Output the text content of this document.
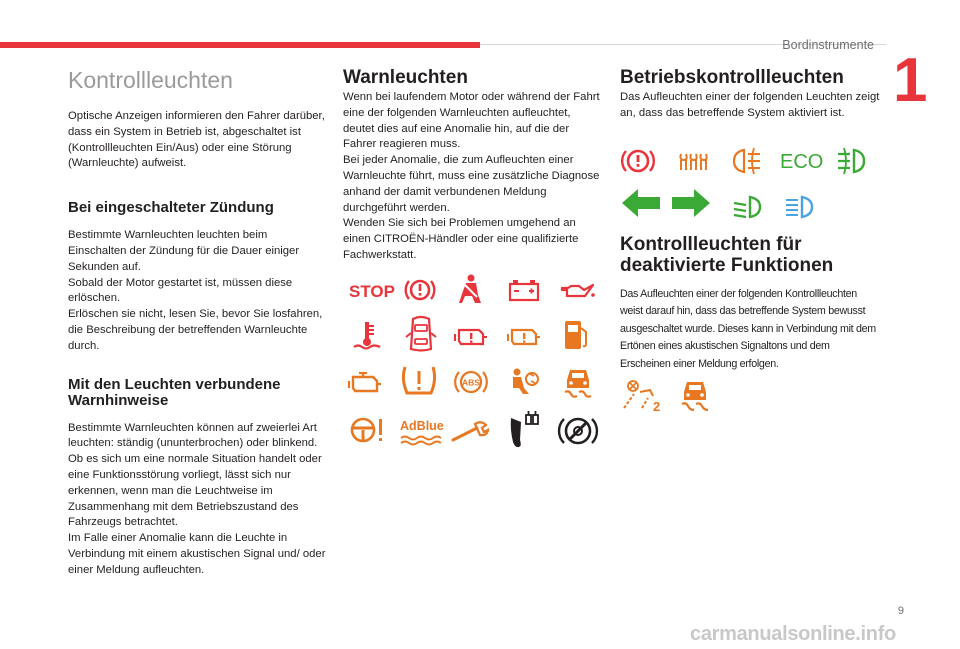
Bordinstrumente
1
Kontrollleuchten

Optische Anzeigen informieren den Fahrer darüber, dass ein System in Betrieb ist, abgeschaltet ist (Kontrollleuchten Ein/Aus) oder eine Störung (Warnleuchte) aufweist.

Bei eingeschalteter Zündung

Bestimmte Warnleuchten leuchten beim Einschalten der Zündung für die Dauer einiger Sekunden auf.
Sobald der Motor gestartet ist, müssen diese erlöschen.
Erlöschen sie nicht, lesen Sie, bevor Sie losfahren, die Beschreibung der betreffenden Warnleuchte durch.

Mit den Leuchten verbundene Warnhinweise

Bestimmte Warnleuchten können auf zweierlei Art leuchten: ständig (ununterbrochen) oder blinkend.
Ob es sich um eine normale Situation handelt oder eine Funktionsstörung vorliegt, lässt sich nur erkennen, wenn man die Leuchtweise im Zusammenhang mit dem Betriebszustand des Fahrzeugs betrachtet.
Im Falle einer Anomalie kann die Leuchte in Verbindung mit einem akustischen Signal und/ oder einer Meldung aufleuchten.

Warnleuchten

Wenn bei laufendem Motor oder während der Fahrt eine der folgenden Warnleuchten aufleuchtet, deutet dies auf eine Anomalie hin, auf die der Fahrer reagieren muss.
Bei jeder Anomalie, die zum Aufleuchten einer Warnleuchte führt, muss eine zusätzliche Diagnose anhand der damit verbundenen Meldung durchgeführt werden.
Wenden Sie sich bei Problemen umgehend an einen CITROËN-Händler oder eine qualifizierte Fachwerkstatt.

STOP
ABS
AdBlue
Betriebskontrollleuchten

Das Aufleuchten einer der folgenden Leuchten zeigt an, dass das betreffende System aktiviert ist.

ECO
Kontrollleuchten für deaktivierte Funktionen

Das Aufleuchten einer der folgenden Kontrollleuchten weist darauf hin, dass das betreffende System bewusst ausgeschaltet wurde. Dieses kann in Verbindung mit dem Ertönen eines akustischen Signaltons und dem Erscheinen einer Meldung erfolgen.

2
9
carmanualsonline.info
